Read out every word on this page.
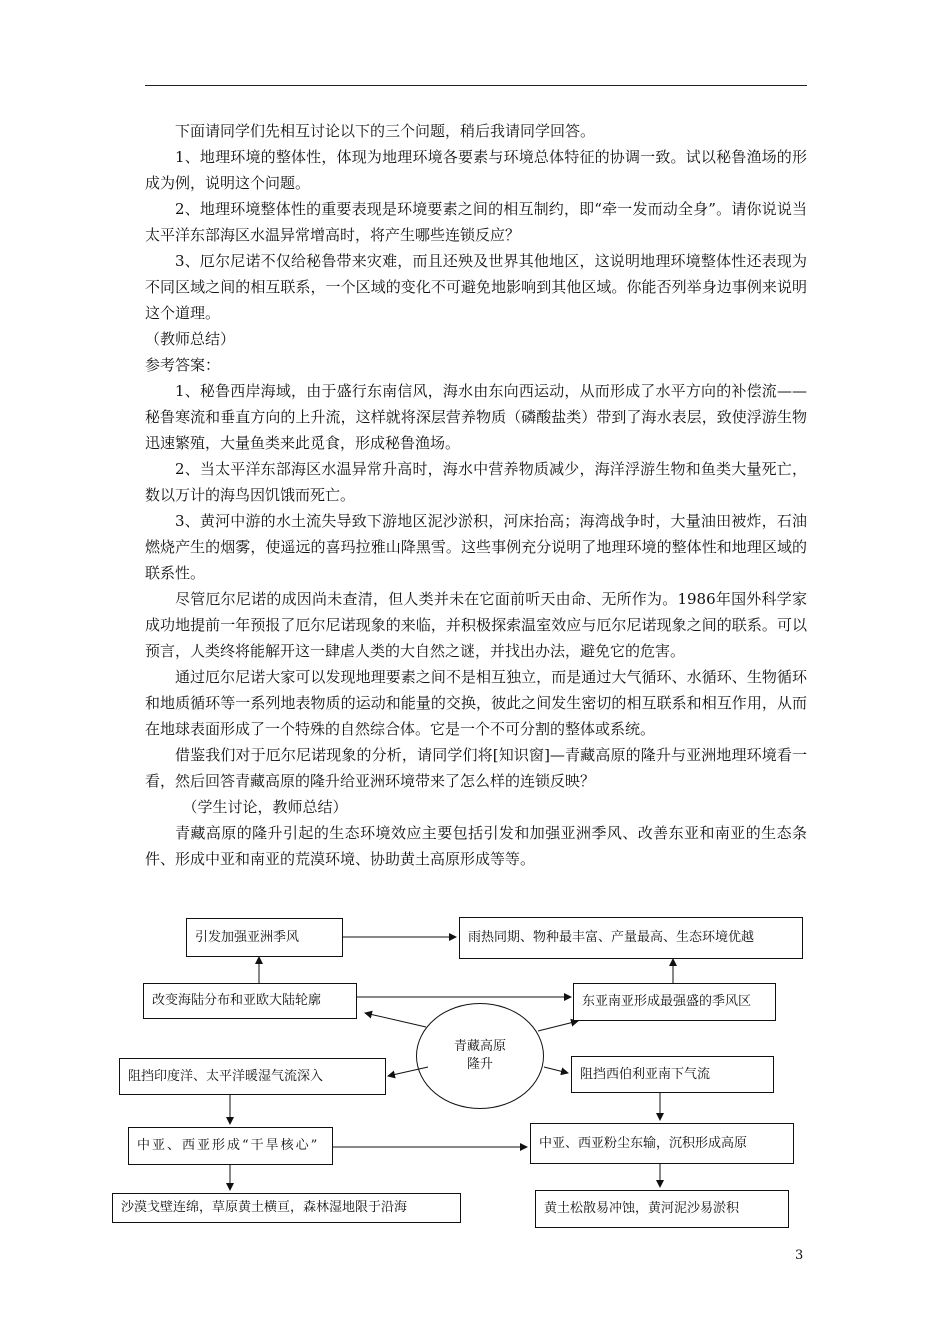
下面请同学们先相互讨论以下的三个问题，稍后我请同学回答。

1、地理环境的整体性，体现为地理环境各要素与环境总体特征的协调一致。试以秘鲁渔场的形成为例，说明这个问题。

2、地理环境整体性的重要表现是环境要素之间的相互制约，即“牵一发而动全身”。请你说说当太平洋东部海区水温异常增高时，将产生哪些连锁反应？

3、厄尔尼诺不仅给秘鲁带来灾难，而且还殃及世界其他地区，这说明地理环境整体性还表现为不同区域之间的相互联系，一个区域的变化不可避免地影响到其他区域。你能否列举身边事例来说明这个道理。

（教师总结）

参考答案：

1、秘鲁西岸海域，由于盛行东南信风，海水由东向西运动，从而形成了水平方向的补偿流——秘鲁寒流和垂直方向的上升流，这样就将深层营养物质（磷酸盐类）带到了海水表层，致使浮游生物迅速繁殖，大量鱼类来此觅食，形成秘鲁渔场。

2、当太平洋东部海区水温异常升高时，海水中营养物质减少，海洋浮游生物和鱼类大量死亡，数以万计的海鸟因饥饿而死亡。

3、黄河中游的水土流失导致下游地区泥沙淤积，河床抬高；海湾战争时，大量油田被炸，石油燃烧产生的烟雾，使遥远的喜玛拉雅山降黑雪。这些事例充分说明了地理环境的整体性和地理区域的联系性。

尽管厄尔尼诺的成因尚未查清，但人类并未在它面前听天由命、无所作为。1986年国外科学家成功地提前一年预报了厄尔尼诺现象的来临，并积极探索温室效应与厄尔尼诺现象之间的联系。可以预言，人类终将能解开这一肆虐人类的大自然之谜，并找出办法，避免它的危害。

通过厄尔尼诺大家可以发现地理要素之间不是相互独立，而是通过大气循环、水循环、生物循环和地质循环等一系列地表物质的运动和能量的交换，彼此之间发生密切的相互联系和相互作用，从而在地球表面形成了一个特殊的自然综合体。它是一个不可分割的整体或系统。

借鉴我们对于厄尔尼诺现象的分析，请同学们将[知识窗]—青藏高原的隆升与亚洲地理环境看一看，然后回答青藏高原的隆升给亚洲环境带来了怎么样的连锁反映？

（学生讨论，教师总结）

青藏高原的隆升引起的生态环境效应主要包括引发和加强亚洲季风、改善东亚和南亚的生态条件、形成中亚和南亚的荒漠环境、协助黄土高原形成等等。

引发加强亚洲季风	雨热同期、物种最丰富、产量最高、生态环境优越
改变海陆分布和亚欧大陆轮廓	东亚南亚形成最强盛的季风区
阻挡印度洋、太平洋暖湿气流深入	阻挡西伯利亚南下气流
中亚、西亚形成“干旱核心”	中亚、西亚粉尘东输，沉积形成高原
沙漠戈壁连绵，草原黄土横亘，森林湿地限于沿海	黄土松散易冲蚀，黄河泥沙易淤积
青藏高原隆升
3
